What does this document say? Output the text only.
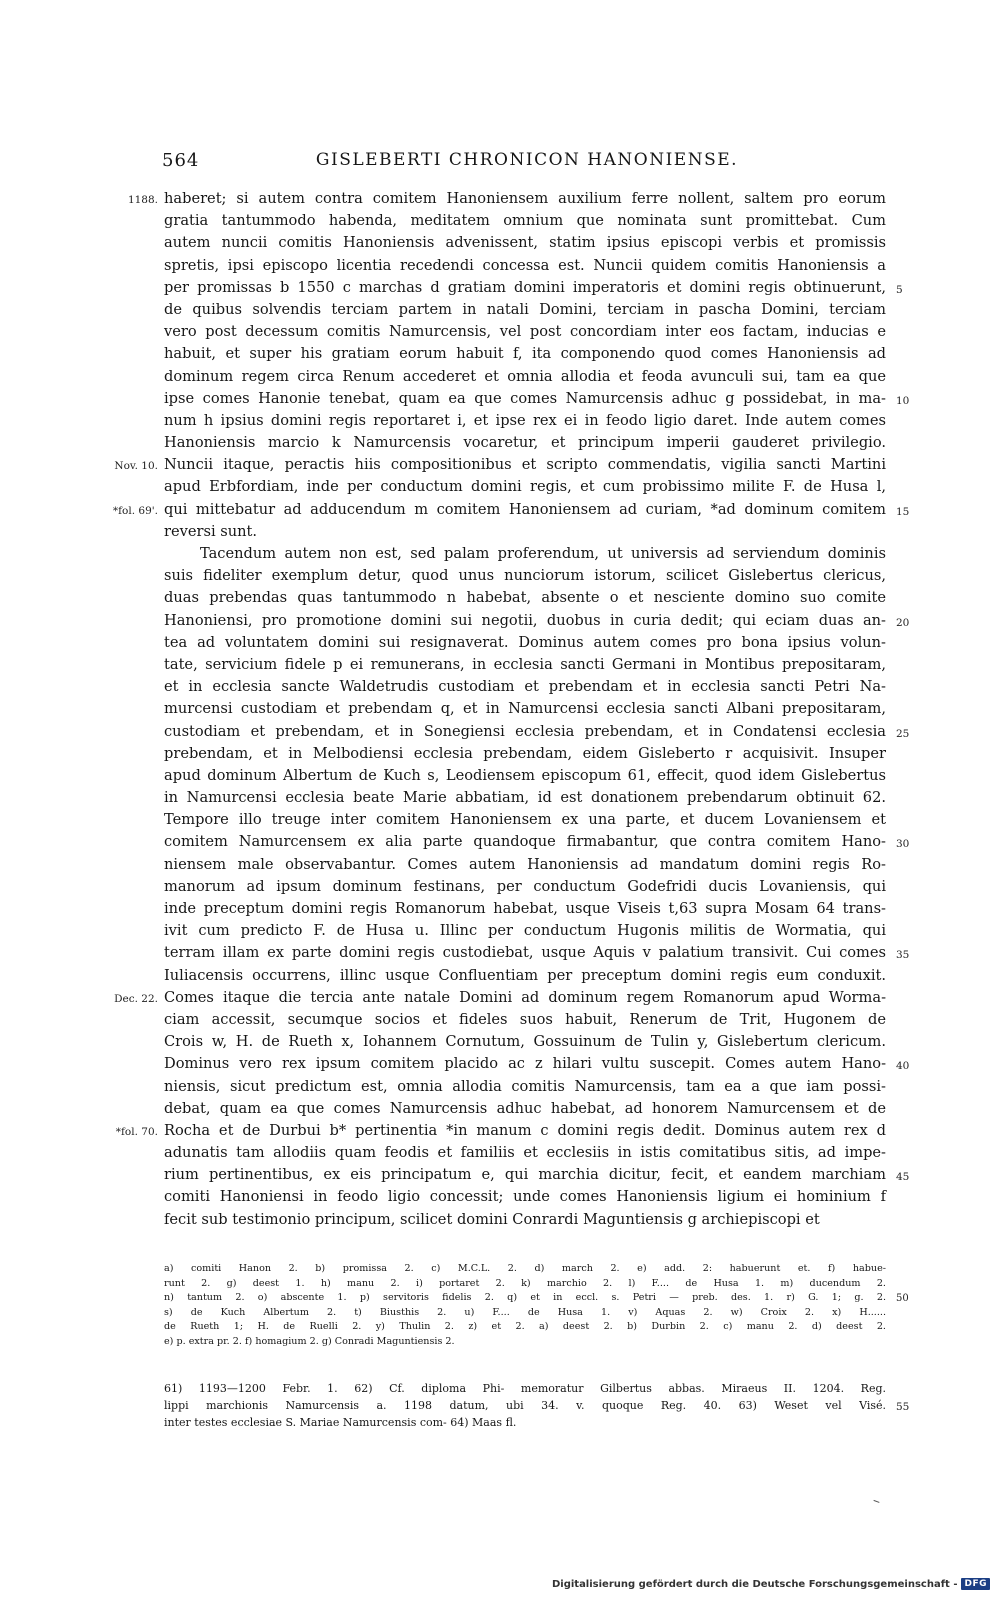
564	GISLEBERTI CHRONICON HANONIENSE.
1188. haberet; si autem contra comitem Hanoniensem auxilium ferre nollent, saltem pro eorum
gratia tantummodo habenda, meditatem omnium que nominata sunt promittebat. Cum
autem nuncii comitis Hanoniensis advenissent, statim ipsius episcopi verbis et promissis
spretis, ipsi episcopo licentia recedendi concessa est. Nuncii quidem comitis Hanoniensis a
per promissas b 1550 c marchas d gratiam domini imperatoris et domini regis obtinuerunt, 5
de quibus solvendis terciam partem in natali Domini, terciam in pascha Domini, terciam
vero post decessum comitis Namurcensis, vel post concordiam inter eos factam, inducias e
habuit, et super his gratiam eorum habuit f, ita componendo quod comes Hanoniensis ad
dominum regem circa Renum accederet et omnia allodia et feoda avunculi sui, tam ea que
ipse comes Hanonie tenebat, quam ea que comes Namurcensis adhuc g possidebat, in ma- 10
num h ipsius domini regis reportaret i, et ipse rex ei in feodo ligio daret. Inde autem comes
Hanoniensis marcio k Namurcensis vocaretur, et principum imperii gauderet privilegio.
Nov. 10. Nuncii itaque, peractis hiis compositionibus et scripto commendatis, vigilia sancti Martini
apud Erbfordiam, inde per conductum domini regis, et cum probissimo milite F. de Husa l,
*fol. 69'. qui mittebatur ad adducendum m comitem Hanoniensem ad curiam, *ad dominum comitem 15
reversi sunt.
Tacendum autem non est, sed palam proferendum, ut universis ad serviendum dominis
suis fideliter exemplum detur, quod unus nunciorum istorum, scilicet Gislebertus clericus,
duas prebendas quas tantummodo n habebat, absente o et nesciente domino suo comite
Hanoniensi, pro promotione domini sui negotii, duobus in curia dedit; qui eciam duas an- 20
tea ad voluntatem domini sui resignaverat. Dominus autem comes pro bona ipsius volun-
tate, servicium fidele p ei remunerans, in ecclesia sancti Germani in Montibus prepositaram,
et in ecclesia sancte Waldetrudis custodiam et prebendam et in ecclesia sancti Petri Na-
murcensi custodiam et prebendam q, et in Namurcensi ecclesia sancti Albani prepositaram,
custodiam et prebendam, et in Sonegiensi ecclesia prebendam, et in Condatensi ecclesia 25
prebendam, et in Melbodiensi ecclesia prebendam, eidem Gisleberto r acquisivit. Insuper
apud dominum Albertum de Kuch s, Leodiensem episcopum 61, effecit, quod idem Gislebertus
in Namurcensi ecclesia beate Marie abbatiam, id est donationem prebendarum obtinuit 62.
Tempore illo treuge inter comitem Hanoniensem ex una parte, et ducem Lovaniensem et
comitem Namurcensem ex alia parte quandoque firmabantur, que contra comitem Hano- 30
niensem male observabantur. Comes autem Hanoniensis ad mandatum domini regis Ro-
manorum ad ipsum dominum festinans, per conductum Godefridi ducis Lovaniensis, qui
inde preceptum domini regis Romanorum habebat, usque Viseis t,63 supra Mosam 64 trans-
ivit cum predicto F. de Husa u. Illinc per conductum Hugonis militis de Wormatia, qui
terram illam ex parte domini regis custodiebat, usque Aquis v palatium transivit. Cui comes 35
Iuliacensis occurrens, illinc usque Confluentiam per preceptum domini regis eum conduxit.
Dec. 22. Comes itaque die tercia ante natale Domini ad dominum regem Romanorum apud Worma-
ciam accessit, secumque socios et fideles suos habuit, Renerum de Trit, Hugonem de
Crois w, H. de Rueth x, Iohannem Cornutum, Gossuinum de Tulin y, Gislebertum clericum.
Dominus vero rex ipsum comitem placido ac z hilari vultu suscepit. Comes autem Hano- 40
niensis, sicut predictum est, omnia allodia comitis Namurcensis, tam ea a que iam possi-
debat, quam ea que comes Namurcensis adhuc habebat, ad honorem Namurcensem et de
*fol. 70. Rocha et de Durbui b* pertinentia *in manum c domini regis dedit. Dominus autem rex d
adunatis tam allodiis quam feodis et familiis et ecclesiis in istis comitatibus sitis, ad impe-
rium pertinentibus, ex eis principatum e, qui marchia dicitur, fecit, et eandem marchiam 45
comiti Hanoniensi in feodo ligio concessit; unde comes Hanoniensis ligium ei hominium f
fecit sub testimonio principum, scilicet domini Conrardi Maguntiensis g archiepiscopi et
a) comiti Hanon 2. b) promissa 2. c) M.C.L. 2. d) march 2. e) add. 2: habuerunt et. f) habue-
runt 2. g) deest 1. h) manu 2. i) portaret 2. k) marchio 2. l) F.... de Husa 1. m) ducendum 2.
n) tantum 2. o) abscente 1. p) servitoris fidelis 2. q) et in eccl. s. Petri — preb. des. 1. r) G. 1; g. 2. 50
s) de Kuch Albertum 2. t) Biusthis 2. u) F.... de Husa 1. v) Aquas 2. w) Croix 2. x) H......
de Rueth 1; H. de Ruelli 2. y) Thulin 2. z) et 2. a) deest 2. b) Durbin 2. c) manu 2. d) deest 2.
e) p. extra pr. 2. f) homagium 2. g) Conradi Maguntiensis 2.
61) 1193—1200 Febr. 1. 62) Cf. diploma Phi- memoratur Gilbertus abbas. Miraeus II. 1204. Reg.
lippi marchionis Namurcensis a. 1198 datum, ubi 34. v. quoque Reg. 40. 63) Weset vel Visé. 55
inter testes ecclesiae S. Mariae Namurcensis com- 64) Maas fl.
Digitalisierung gefördert durch die Deutsche Forschungsgemeinschaft - DFG
